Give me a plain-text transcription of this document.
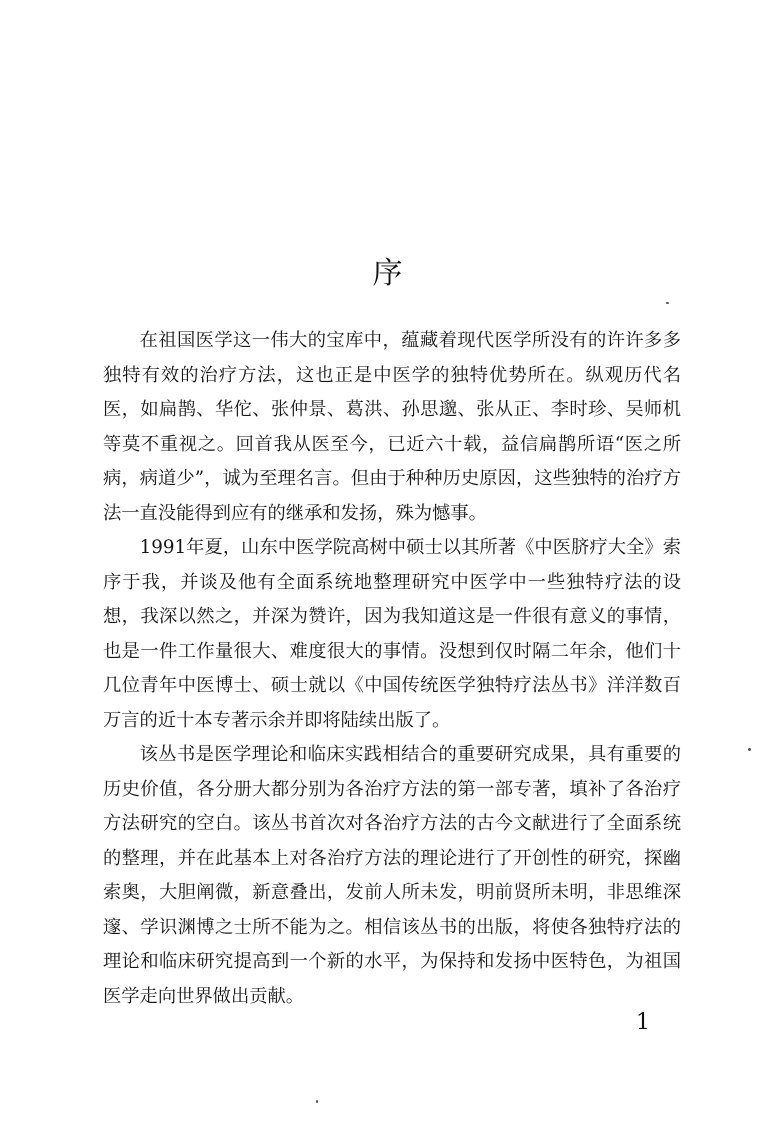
序

在祖国医学这一伟大的宝库中，蕴藏着现代医学所没有的许许多多独特有效的治疗方法，这也正是中医学的独特优势所在。纵观历代名医，如扁鹊、华佗、张仲景、葛洪、孙思邈、张从正、李时珍、吴师机等莫不重视之。回首我从医至今，已近六十载，益信扁鹊所语“医之所病，病道少”，诚为至理名言。但由于种种历史原因，这些独特的治疗方法一直没能得到应有的继承和发扬，殊为憾事。

1991年夏，山东中医学院高树中硕士以其所著《中医脐疗大全》索序于我，并谈及他有全面系统地整理研究中医学中一些独特疗法的设想，我深以然之，并深为赞许，因为我知道这是一件很有意义的事情，也是一件工作量很大、难度很大的事情。没想到仅时隔二年余，他们十几位青年中医博士、硕士就以《中国传统医学独特疗法丛书》洋洋数百万言的近十本专著示余并即将陆续出版了。

该丛书是医学理论和临床实践相结合的重要研究成果，具有重要的历史价值，各分册大都分别为各治疗方法的第一部专著，填补了各治疗方法研究的空白。该丛书首次对各治疗方法的古今文献进行了全面系统的整理，并在此基本上对各治疗方法的理论进行了开创性的研究，探幽索奥，大胆阐微，新意叠出，发前人所未发，明前贤所未明，非思维深邃、学识渊博之士所不能为之。相信该丛书的出版，将使各独特疗法的理论和临床研究提高到一个新的水平，为保持和发扬中医特色，为祖国医学走向世界做出贡献。

1
